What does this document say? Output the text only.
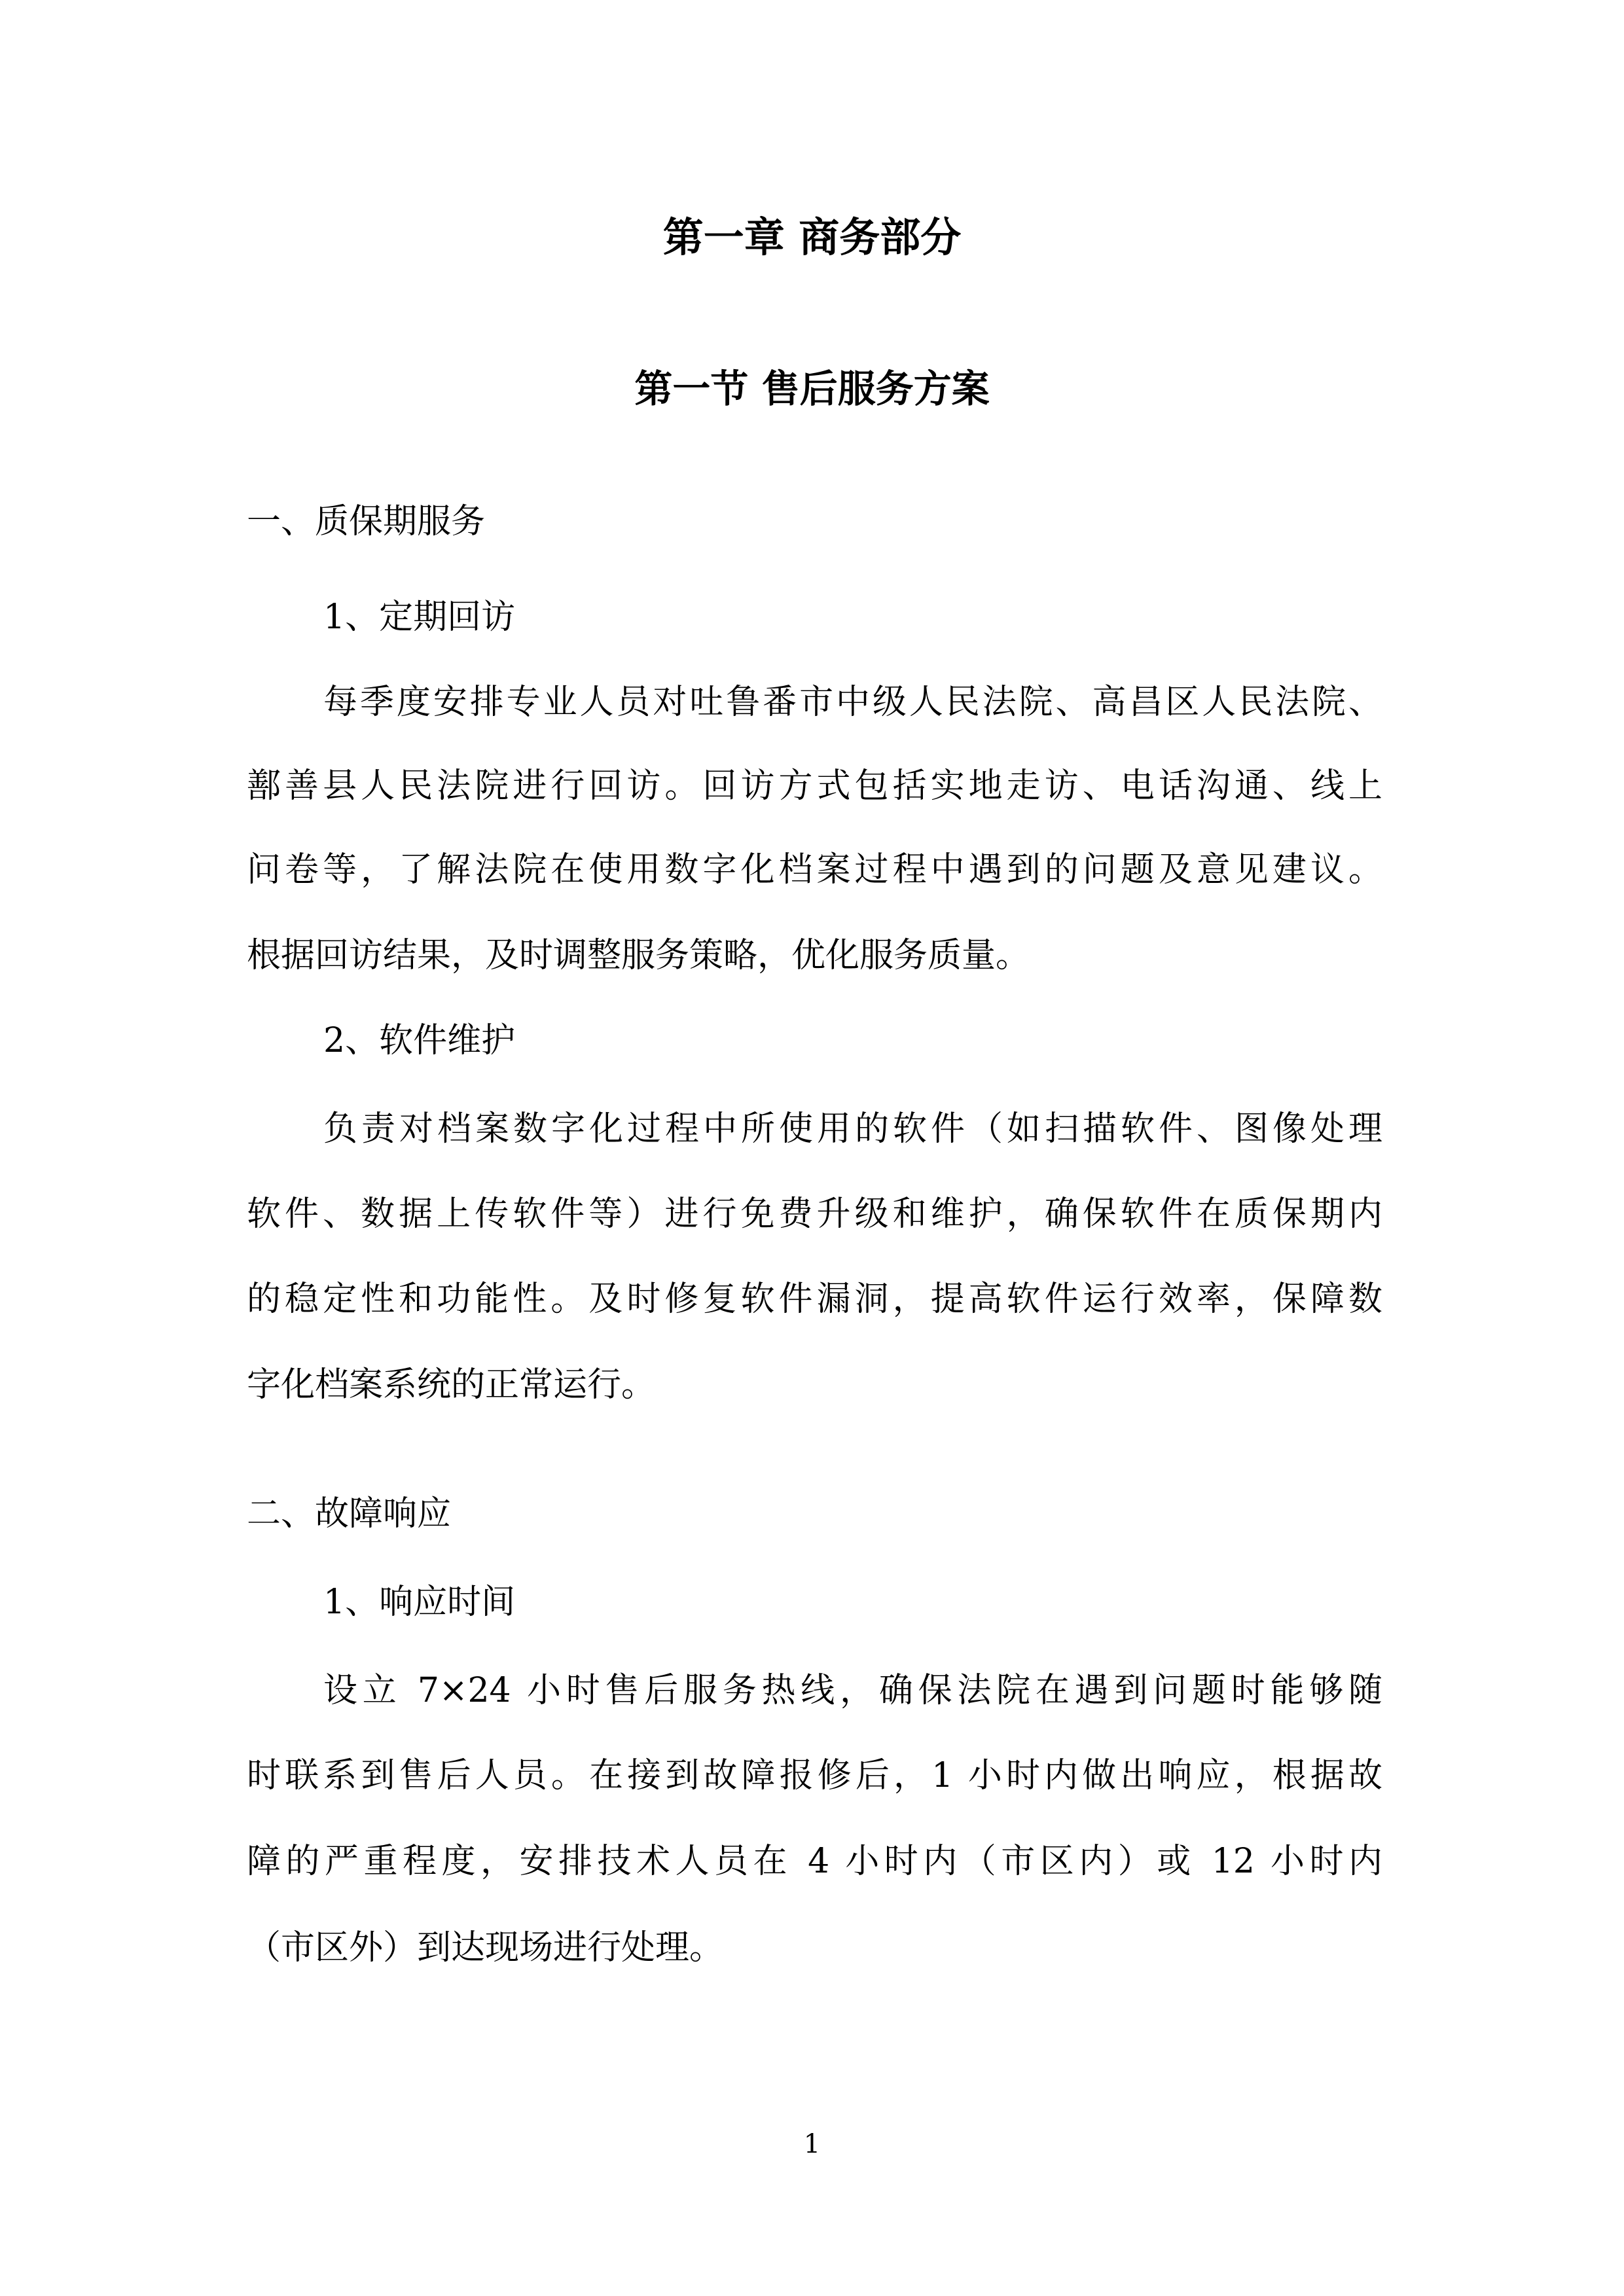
第一章 商务部分
第一节 售后服务方案
一、质保期服务
1、定期回访
每季度安排专业人员对吐鲁番市中级人民法院、高昌区人民法院、
鄯善县人民法院进行回访。回访方式包括实地走访、电话沟通、线上
问卷等，了解法院在使用数字化档案过程中遇到的问题及意见建议。
根据回访结果，及时调整服务策略，优化服务质量。
2、软件维护
负责对档案数字化过程中所使用的软件（如扫描软件、图像处理
软件、数据上传软件等）进行免费升级和维护，确保软件在质保期内
的稳定性和功能性。及时修复软件漏洞，提高软件运行效率，保障数
字化档案系统的正常运行。
二、故障响应
1、响应时间
设立 7×24 小时售后服务热线，确保法院在遇到问题时能够随
时联系到售后人员。在接到故障报修后，1 小时内做出响应，根据故
障的严重程度，安排技术人员在 4 小时内（市区内）或 12 小时内
（市区外）到达现场进行处理。
1
